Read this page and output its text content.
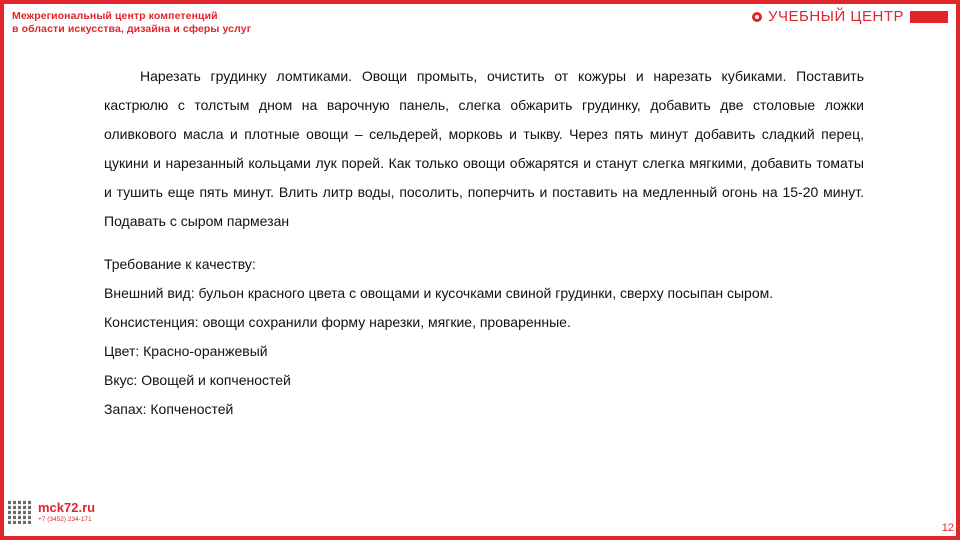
Межрегиональный центр компетенций
в области искусства, дизайна и сферы услуг
УЧЕБНЫЙ ЦЕНТР

Нарезать грудинку ломтиками. Овощи промыть, очистить от кожуры и нарезать кубиками. Поставить кастрюлю с толстым дном на варочную панель, слегка обжарить грудинку, добавить две столовые ложки оливкового масла и плотные овощи – сельдерей, морковь и тыкву. Через пять минут добавить сладкий перец, цукини и нарезанный кольцами лук порей. Как только овощи обжарятся и станут слегка мягкими, добавить томаты и тушить еще пять минут. Влить литр воды, посолить, поперчить и поставить на медленный огонь на 15-20 минут. Подавать с сыром пармезан

Требование к качеству:
Внешний вид: бульон красного цвета с овощами и кусочками свиной грудинки, сверху посыпан сыром.
Консистенция: овощи сохранили форму нарезки, мягкие, проваренные.
Цвет: Красно-оранжевый
Вкус: Овощей и копченостей
Запах: Копченостей
mck72.ru
+7 (3452) 234-171
12
